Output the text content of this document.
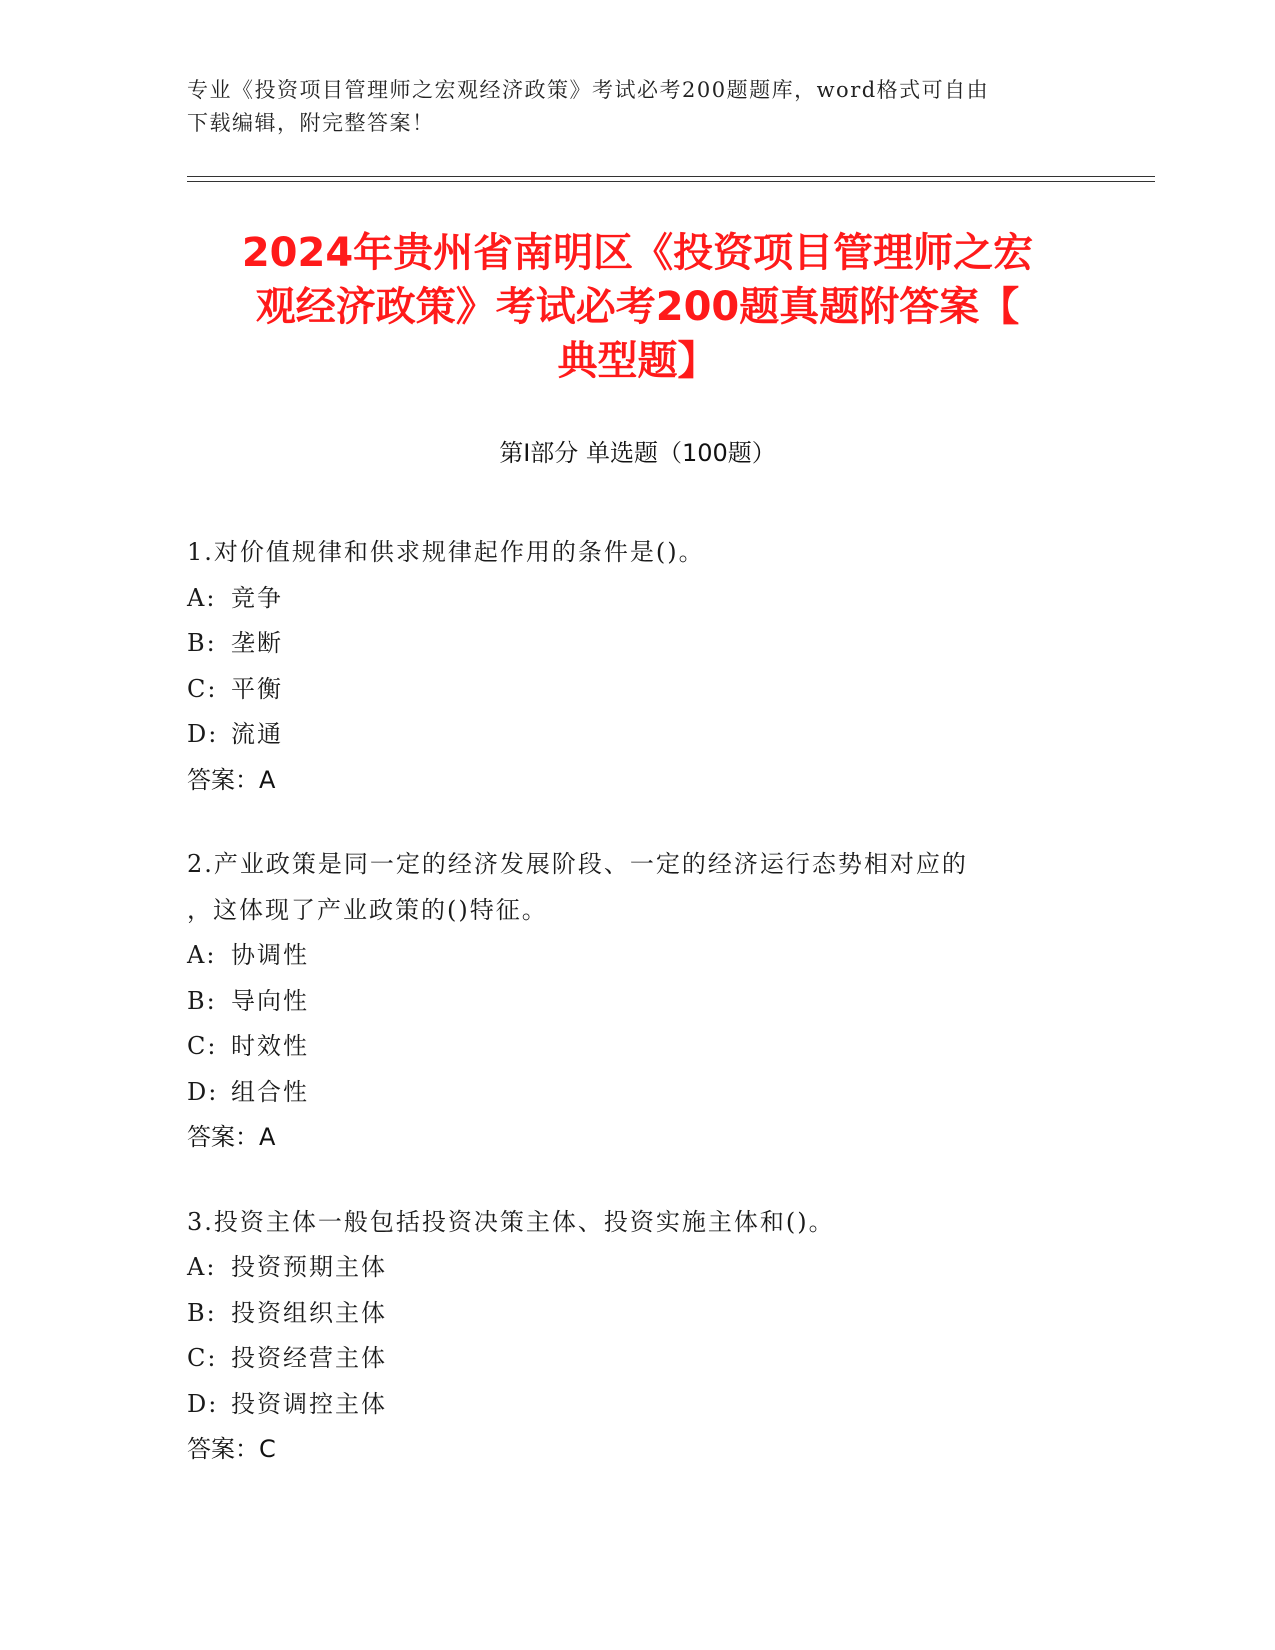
专业《投资项目管理师之宏观经济政策》考试必考200题题库，word格式可自由
下载编辑，附完整答案！
2024年贵州省南明区《投资项目管理师之宏
观经济政策》考试必考200题真题附答案【
典型题】
第Ⅰ部分 单选题（100题）
1.对价值规律和供求规律起作用的条件是()。
A: 竞争
B: 垄断
C: 平衡
D: 流通
答案：A
2.产业政策是同一定的经济发展阶段、一定的经济运行态势相对应的
，这体现了产业政策的()特征。
A: 协调性
B: 导向性
C: 时效性
D: 组合性
答案：A
3.投资主体一般包括投资决策主体、投资实施主体和()。
A: 投资预期主体
B: 投资组织主体
C: 投资经营主体
D: 投资调控主体
答案：C
